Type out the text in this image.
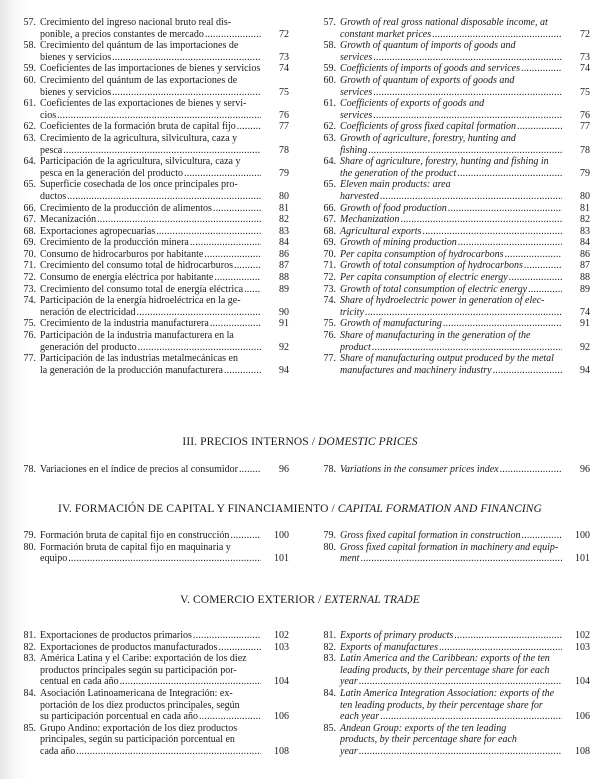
57. Crecimiento del ingreso nacional bruto real dis-
ponible, a precios constantes de mercado .....	72
58. Crecimiento del quántum de las importaciones de
bienes y servicios .....	73
59. Coeficientes de las importaciones de bienes y servicios	74
60. Crecimiento del quántum de las exportaciones de
bienes y servicios .....	75
61. Coeficientes de las exportaciones de bienes y servi-
cios .....	76
62. Coeficientes de la formación bruta de capital fijo .....	77
63. Crecimiento de la agricultura, silvicultura, caza y
pesca .....	78
64. Participación de la agricultura, silvicultura, caza y
pesca en la generación del producto .....	79
65. Superficie cosechada de los once principales pro-
ductos .....	80
66. Crecimiento de la producción de alimentos .....	81
67. Mecanización .....	82
68. Exportaciones agropecuarias .....	83
69. Crecimiento de la producción minera .....	84
70. Consumo de hidrocarburos por habitante .....	86
71. Crecimiento del consumo total de hidrocarburos .....	87
72. Consumo de energía eléctrica por habitante .....	88
73. Crecimiento del consumo total de energía eléctrica .....	89
74. Participación de la energía hidroeléctrica en la ge-
neración de electricidad .....	90
75. Crecimiento de la industria manufacturera .....	91
76. Participación de la industria manufacturera en la
generación del producto .....	92
77. Participación de las industrias metalmecánicas en
la generación de la producción manufacturera .....	94
57. Growth of real gross national disposable income, at
constant market prices .....	72
58. Growth of quantum of imports of goods and
services .....	73
59. Coefficients of imports of goods and services .....	74
60. Growth of quantum of exports of goods and
services .....	75
61. Coefficients of exports of goods and
services .....	76
62. Coefficients of gross fixed capital formation .....	77
63. Growth of agriculture, forestry, hunting and
fishing .....	78
64. Share of agriculture, forestry, hunting and fishing in
the generation of the product .....	79
65. Eleven main products: area
harvested .....	80
66. Growth of food production .....	81
67. Mechanization .....	82
68. Agricultural exports .....	83
69. Growth of mining production .....	84
70. Per capita consumption of hydrocarbons .....	86
71. Growth of total consumption of hydrocarbons .....	87
72. Per capita consumption of electric energy .....	88
73. Growth of total consumption of electric energy .....	89
74. Share of hydroelectric power in generation of elec-
tricity .....	74
75. Growth of manufacturing .....	91
76. Share of manufacturing in the generation of the
product .....	92
77. Share of manufacturing output produced by the metal
manufactures and machinery industry .....	94
III. PRECIOS INTERNOS / DOMESTIC PRICES
78. Variaciones en el índice de precios al consumidor .....	96	78. Variations in the consumer prices index .....	96
IV. FORMACIÓN DE CAPITAL Y FINANCIAMIENTO / CAPITAL FORMATION AND FINANCING
79. Formación bruta de capital fijo en construcción .....	100
80. Formación bruta de capital fijo en maquinaria y
equipo .....	101
79. Gross fixed capital formation in construction .....	100
80. Gross fixed capital formation in machinery and equip-
ment .....	101
V. COMERCIO EXTERIOR / EXTERNAL TRADE
81. Exportaciones de productos primarios .....	102
82. Exportaciones de productos manufacturados .....	103
83. América Latina y el Caribe: exportación de los diez
productos principales según su participación por-
centual en cada año .....	104
84. Asociación Latinoamericana de Integración: ex-
portación de los diez productos principales, según
su participación porcentual en cada año .....	106
85. Grupo Andino: exportación de los diez productos
principales, según su participación porcentual en
cada año .....	108
81. Exports of primary products .....	102
82. Exports of manufactures .....	103
83. Latin America and the Caribbean: exports of the ten
leading products, by their percentage share for each
year .....	104
84. Latin America Integration Association: exports of the
ten leading products, by their percentage share for
each year .....	106
85. Andean Group: exports of the ten leading
products, by their percentage share for each
year .....	108
